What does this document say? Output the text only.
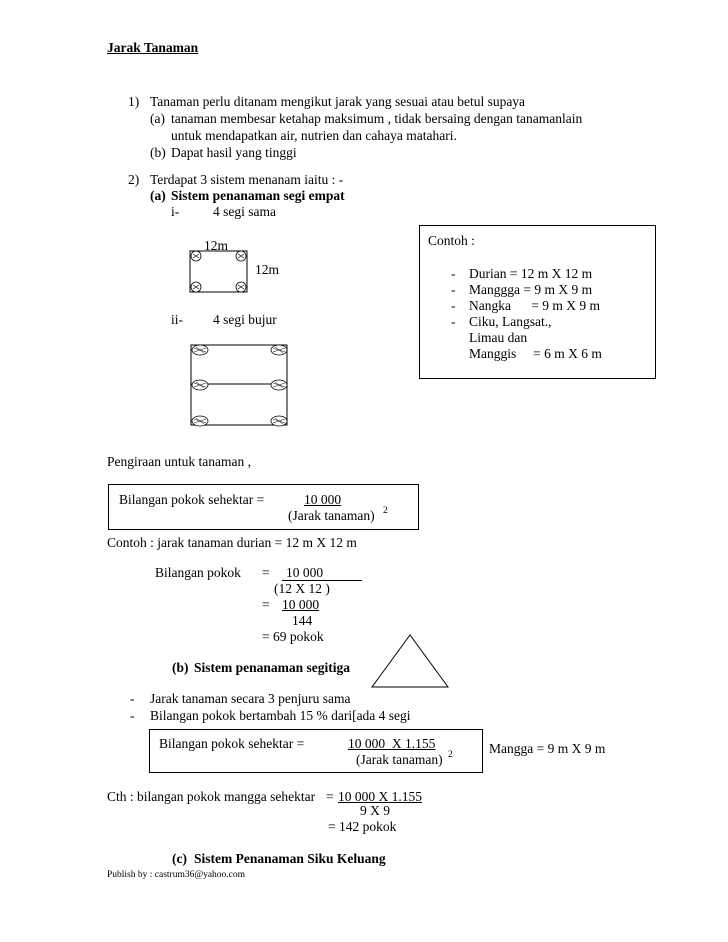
Jarak Tanaman
1) Tanaman perlu ditanam mengikut jarak yang sesuai atau betul supaya
(a) tanaman membesar ketahap maksimum , tidak bersaing dengan tanamanlain
untuk mendapatkan air, nutrien dan cahaya matahari.
(b) Dapat hasil yang tinggi
2) Terdapat 3 sistem menanam iaitu : -
(a) Sistem penanaman segi empat
i-	4 segi sama
12m
12m
ii- 4 segi bujur
Contoh :
- Durian = 12 m X 12 m
- Manggga = 9 m X 9 m
- Nangka      = 9 m X 9 m
- Ciku, Langsat.,
Limau dan
Manggis     = 6 m X 6 m
Pengiraan untuk tanaman ,
Bilangan pokok sehektar =	10 000
(Jarak tanaman) 2
Contoh : jarak tanaman durian = 12 m X 12 m
Bilangan pokok = 10 000
(12 X 12 )
= 10 000
144
= 69 pokok
(b) Sistem penanaman segitiga
- Jarak tanaman secara 3 penjuru sama
- Bilangan pokok bertambah 15 % dari[ada 4 segi
Bilangan pokok sehektar =	10 000  X 1.155
(Jarak tanaman) 2	Mangga = 9 m X 9 m
Cth : bilangan pokok mangga sehektar = 10 000 X 1.155
9 X 9
= 142 pokok
(c) Sistem Penanaman Siku Keluang
Publish by : castrum36@yahoo.com
